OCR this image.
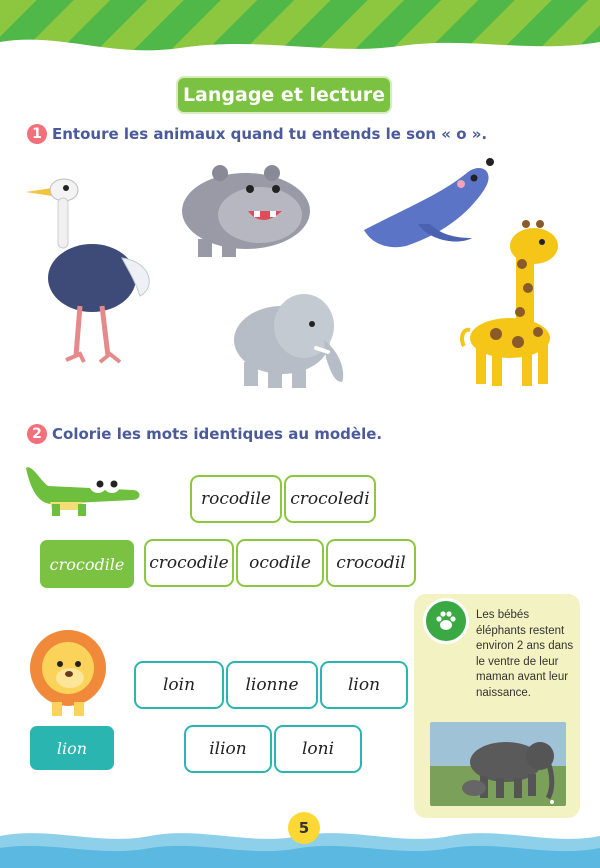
Langage et lecture
1 Entoure les animaux quand tu entends le son « o ».
2 Colorie les mots identiques au modèle.
rocodile	crocoledi
crocodile	crocodile	ocodile	crocodil
loin	lionne	lion
lion	ilion	loni
Les bébés éléphants restent environ 2 ans dans le ventre de leur maman avant leur naissance.
5
